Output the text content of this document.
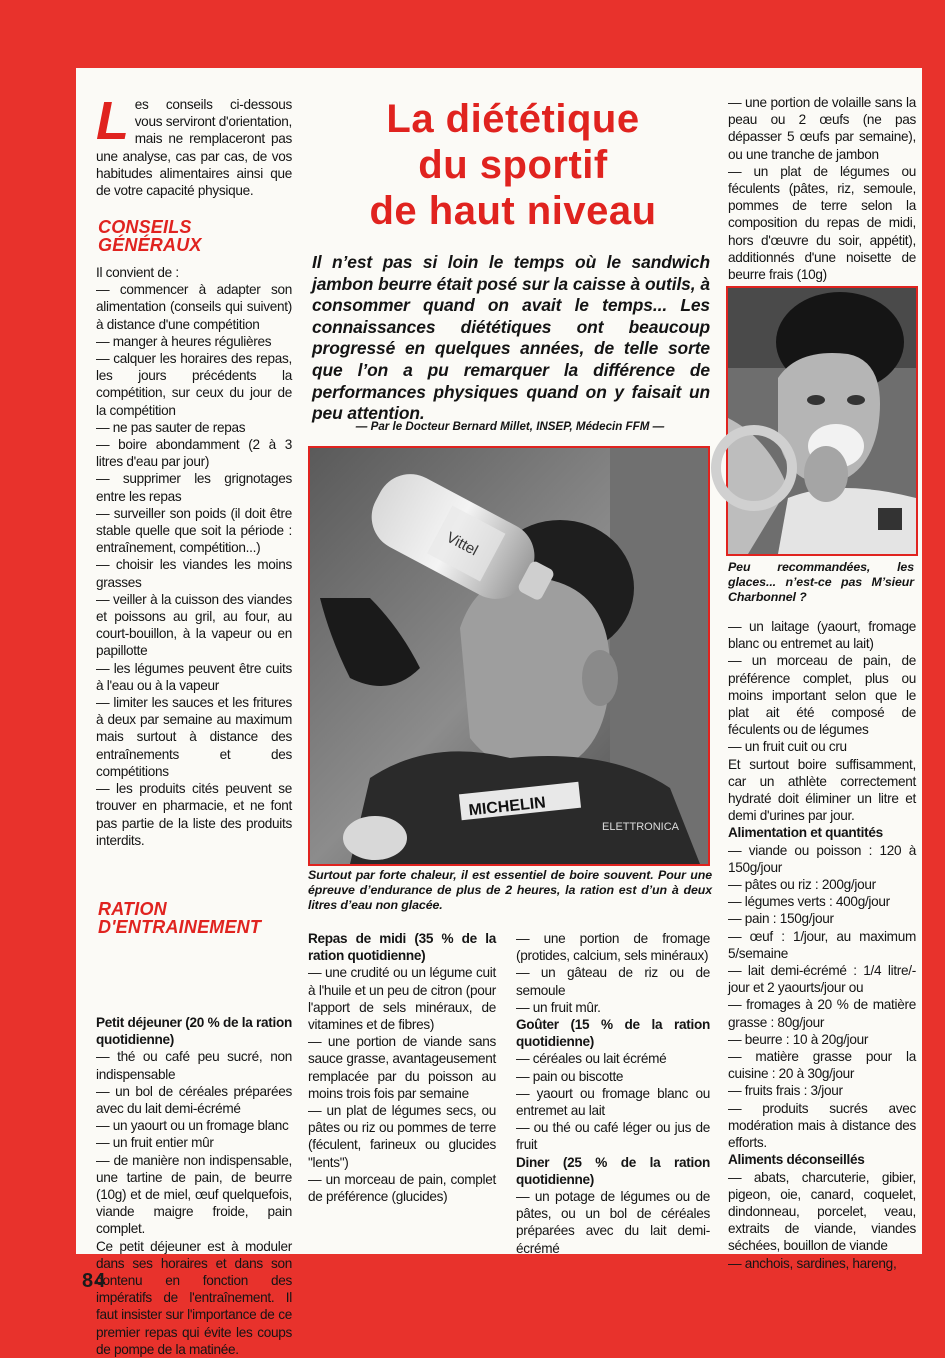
L es conseils ci-dessous vous serviront d'orientation, mais ne remplaceront pas une analyse, cas par cas, de vos habitudes alimentaires ainsi que de votre capacité physique.
CONSEILS
GÉNÉRAUX

Il convient de :

— commencer à adapter son alimentation (conseils qui suivent) à distance d'une compétition

— manger à heures régulières

— calquer les horaires des repas, les jours précédents la compétition, sur ceux du jour de la compétition

— ne pas sauter de repas

— boire abondamment (2 à 3 litres d'eau par jour)

— supprimer les grignotages entre les repas

— surveiller son poids (il doit être stable quelle que soit la période : entraînement, compétition...)

— choisir les viandes les moins grasses

— veiller à la cuisson des viandes et poissons au gril, au four, au court-bouillon, à la vapeur ou en papillotte

— les légumes peuvent être cuits à l'eau ou à la vapeur

— limiter les sauces et les fritures à deux par semaine au maximum mais surtout à distance des entraînements et des compétitions

— les produits cités peuvent se trouver en pharmacie, et ne font pas partie de la liste des produits interdits.

RATION
D'ENTRAINEMENT

Petit déjeuner (20 % de la ration quotidienne)

— thé ou café peu sucré, non indispensable

— un bol de céréales préparées avec du lait demi-écrémé

— un yaourt ou un fromage blanc

— un fruit entier mûr

— de manière non indispensable, une tartine de pain, de beurre (10g) et de miel, œuf quelquefois, viande maigre froide, pain complet.

Ce petit déjeuner est à moduler dans ses horaires et dans son contenu en fonction des impératifs de l'entraînement. Il faut insister sur l'importance de ce premier repas qui évite les coups de pompe de la matinée.

La diététique
du sportif
de haut niveau
Il n’est pas si loin le temps où le sandwich jambon beurre était posé sur la caisse à outils, à consommer quand on avait le temps... Les connaissances diététiques ont beaucoup progressé en quelques années, de telle sorte que l’on a pu remarquer la différence de performances physiques quand on y faisait un peu attention.
— Par le Docteur Bernard Millet, INSEP, Médecin FFM —
MICHELIN
ELETTRONICA
Vittel
Surtout par forte chaleur, il est essentiel de boire souvent. Pour une épreuve d’endurance de plus de 2 heures, la ration est d’un à deux litres d’eau non glacée.

Repas de midi (35 % de la ration quotidienne)

— une crudité ou un légume cuit à l'huile et un peu de citron (pour l'apport de sels minéraux, de vitamines et de fibres)

— une portion de viande sans sauce grasse, avantageusement remplacée par du poisson au moins trois fois par semaine

— un plat de légumes secs, ou pâtes ou riz ou pommes de terre (féculent, farineux ou glucides "lents")

— un morceau de pain, complet de préférence (glucides)

— une portion de fromage (protides, calcium, sels minéraux)

— un gâteau de riz ou de semoule

— un fruit mûr.

Goûter (15 % de la ration quotidienne)

— céréales ou lait écrémé

— pain ou biscotte

— yaourt ou fromage blanc ou entremet au lait

— ou thé ou café léger ou jus de fruit

Diner (25 % de la ration quotidienne)

— un potage de légumes ou de pâtes, ou un bol de céréales préparées avec du lait demi-écrémé

— une portion de volaille sans la peau ou 2 œufs (ne pas dépasser 5 œufs par semaine), ou une tranche de jambon

— un plat de légumes ou féculents (pâtes, riz, semoule, pommes de terre selon la composition du repas de midi, hors d'œuvre du soir, appétit), additionnés d'une noisette de beurre frais (10g)

Peu recommandées, les glaces... n’est-ce pas M’sieur Charbonnel ?

— un laitage (yaourt, fromage blanc ou entremet au lait)

— un morceau de pain, de préférence complet, plus ou moins important selon que le plat ait été composé de féculents ou de légumes

— un fruit cuit ou cru

Et surtout boire suffisamment, car un athlète correctement hydraté doit éliminer un litre et demi d'urines par jour.

Alimentation et quantités

— viande ou poisson : 120 à 150g/jour

— pâtes ou riz : 200g/jour

— légumes verts : 400g/jour

— pain : 150g/jour

— œuf : 1/jour, au maximum 5/semaine

— lait demi-écrémé : 1/4 litre/-jour et 2 yaourts/jour ou

— fromages à 20 % de matière grasse : 80g/jour

— beurre : 10 à 20g/jour

— matière grasse pour la cuisine : 20 à 30g/jour

— fruits frais : 3/jour

— produits sucrés avec modération mais à distance des efforts.

Aliments déconseillés

— abats, charcuterie, gibier, pigeon, oie, canard, coquelet, dindonneau, porcelet, veau, extraits de viande, viandes séchées, bouillon de viande

— anchois, sardines, hareng,

84
